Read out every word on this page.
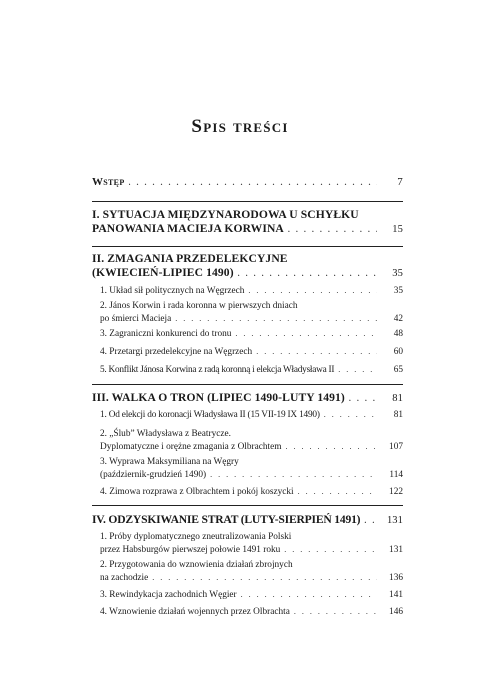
Spis treści
Wstęp . . .	7
I. SYTUACJA MIĘDZYNARODOWA U SCHYŁKU
PANOWANIA MACIEJA KORWINA . . .	15
II. ZMAGANIA PRZEDELEKCYJNE
(KWIECIEŃ-LIPIEC 1490) . . .	35
1. Układ sił politycznych na Węgrzech . . .	35
2. János Korwin i rada koronna w pierwszych dniach
po śmierci Macieja . . .	42
3. Zagraniczni konkurenci do tronu . . .	48
4. Przetargi przedelekcyjne na Węgrzech . . .	60
5. Konflikt Jánosa Korwina z radą koronną i elekcja Władysława II . . .	65
III. WALKA O TRON (LIPIEC 1490-LUTY 1491) . . .	81
1. Od elekcji do koronacji Władysława II (15 VII-19 IX 1490) . . .	81
2. „Ślub” Władysława z Beatrycze.
Dyplomatyczne i orężne zmagania z Olbrachtem . . .	107
3. Wyprawa Maksymiliana na Węgry
(październik-grudzień 1490) . . .	114
4. Zimowa rozprawa z Olbrachtem i pokój koszycki . . .	122
IV. ODZYSKIWANIE STRAT (LUTY-SIERPIEŃ 1491) . . .	131
1. Próby dyplomatycznego zneutralizowania Polski
przez Habsburgów pierwszej połowie 1491 roku . . .	131
2. Przygotowania do wznowienia działań zbrojnych
na zachodzie . . .	136
3. Rewindykacja zachodnich Węgier . . .	141
4. Wznowienie działań wojennych przez Olbrachta . . .	146
